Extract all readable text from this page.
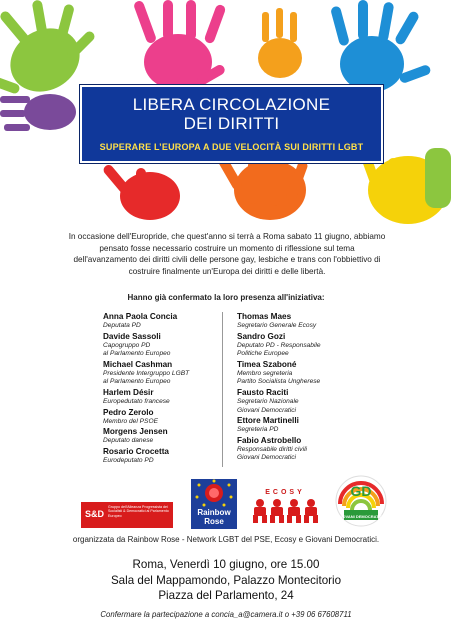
LIBERA CIRCOLAZIONE
DEI DIRITTI
SUPERARE L’EUROPA A DUE VELOCITÀ SUI DIRITTI LGBT
In occasione dell'Europride, che quest'anno si terrà a Roma sabato 11 giugno, abbiamo pensato fosse necessario costruire un momento di riflessione sul tema dell'avanzamento dei diritti civili delle persone gay, lesbiche e trans con l'obbiettivo di costruire finalmente un'Europa dei diritti e delle libertà.
Hanno già confermato la loro presenza all'iniziativa:
Anna Paola Concia
Deputata PD
Davide Sassoli
Capogruppo PD
al Parlamento Europeo
Michael Cashman
Presidente Intergruppo LGBT
al Parlamento Europeo
Harlem Désir
Europedutato francese
Pedro Zerolo
Membro del PSOE
Morgens Jensen
Deputato danese
Rosario Crocetta
Eurodeputato PD
Thomas Maes
Segretario Generale Ecosy
Sandro Gozi
Deputato PD - Responsabile
Politiche Europee
Timea Szaboné
Membro segreteria
Partito Socialista Ungherese
Fausto Raciti
Segretario Nazionale
Giovani Democratici
Ettore Martinelli
Segreteria PD
Fabio Astrobello
Responsabile diritti civili
Giovani Democratici
S&D
Gruppo dell'Alleanza Progressista dei Socialisti & Democratici al Parlamento Europeo	Rainbow Rose
ECOSY	GD
GIOVANI DEMOCRATICI
organizzata da Rainbow Rose - Network LGBT del PSE, Ecosy e Giovani Democratici.
Roma, Venerdì 10 giugno, ore 15.00
Sala del Mappamondo, Palazzo Montecitorio
Piazza del Parlamento, 24
Confermare la partecipazione a concia_a@camera.it o +39 06 67608711
